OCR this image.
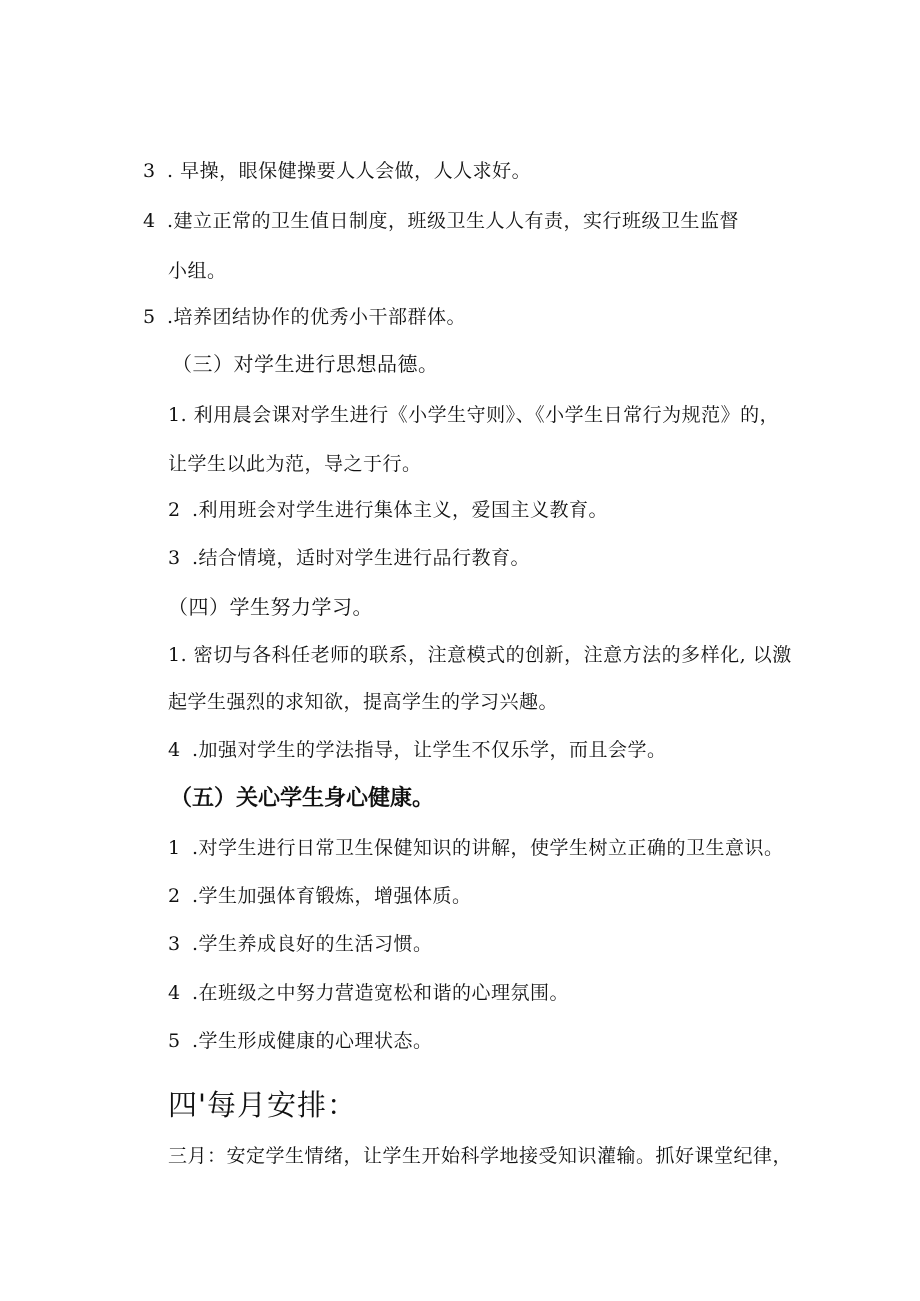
3 . 早操，眼保健操要人人会做，人人求好。
4 .建立正常的卫生值日制度，班级卫生人人有责，实行班级卫生监督
小组。
5 .培养团结协作的优秀小干部群体。
（三）对学生进行思想品德。
1. 利用晨会课对学生进行《小学生守则》、《小学生日常行为规范》的，
让学生以此为范，导之于行。
2 .利用班会对学生进行集体主义，爱国主义教育。
3 .结合情境，适时对学生进行品行教育。
（四）学生努力学习。
1. 密切与各科任老师的联系，注意模式的创新，注意方法的多样化, 以激
起学生强烈的求知欲，提高学生的学习兴趣。
4 .加强对学生的学法指导，让学生不仅乐学，而且会学。
（五）关心学生身心健康。
1 .对学生进行日常卫生保健知识的讲解，使学生树立正确的卫生意识。
2 .学生加强体育锻炼，增强体质。
3 .学生养成良好的生活习惯。
4 .在班级之中努力营造宽松和谐的心理氛围。
5 .学生形成健康的心理状态。
四'每月安排：
三月：安定学生情绪，让学生开始科学地接受知识灌输。抓好课堂纪律，
